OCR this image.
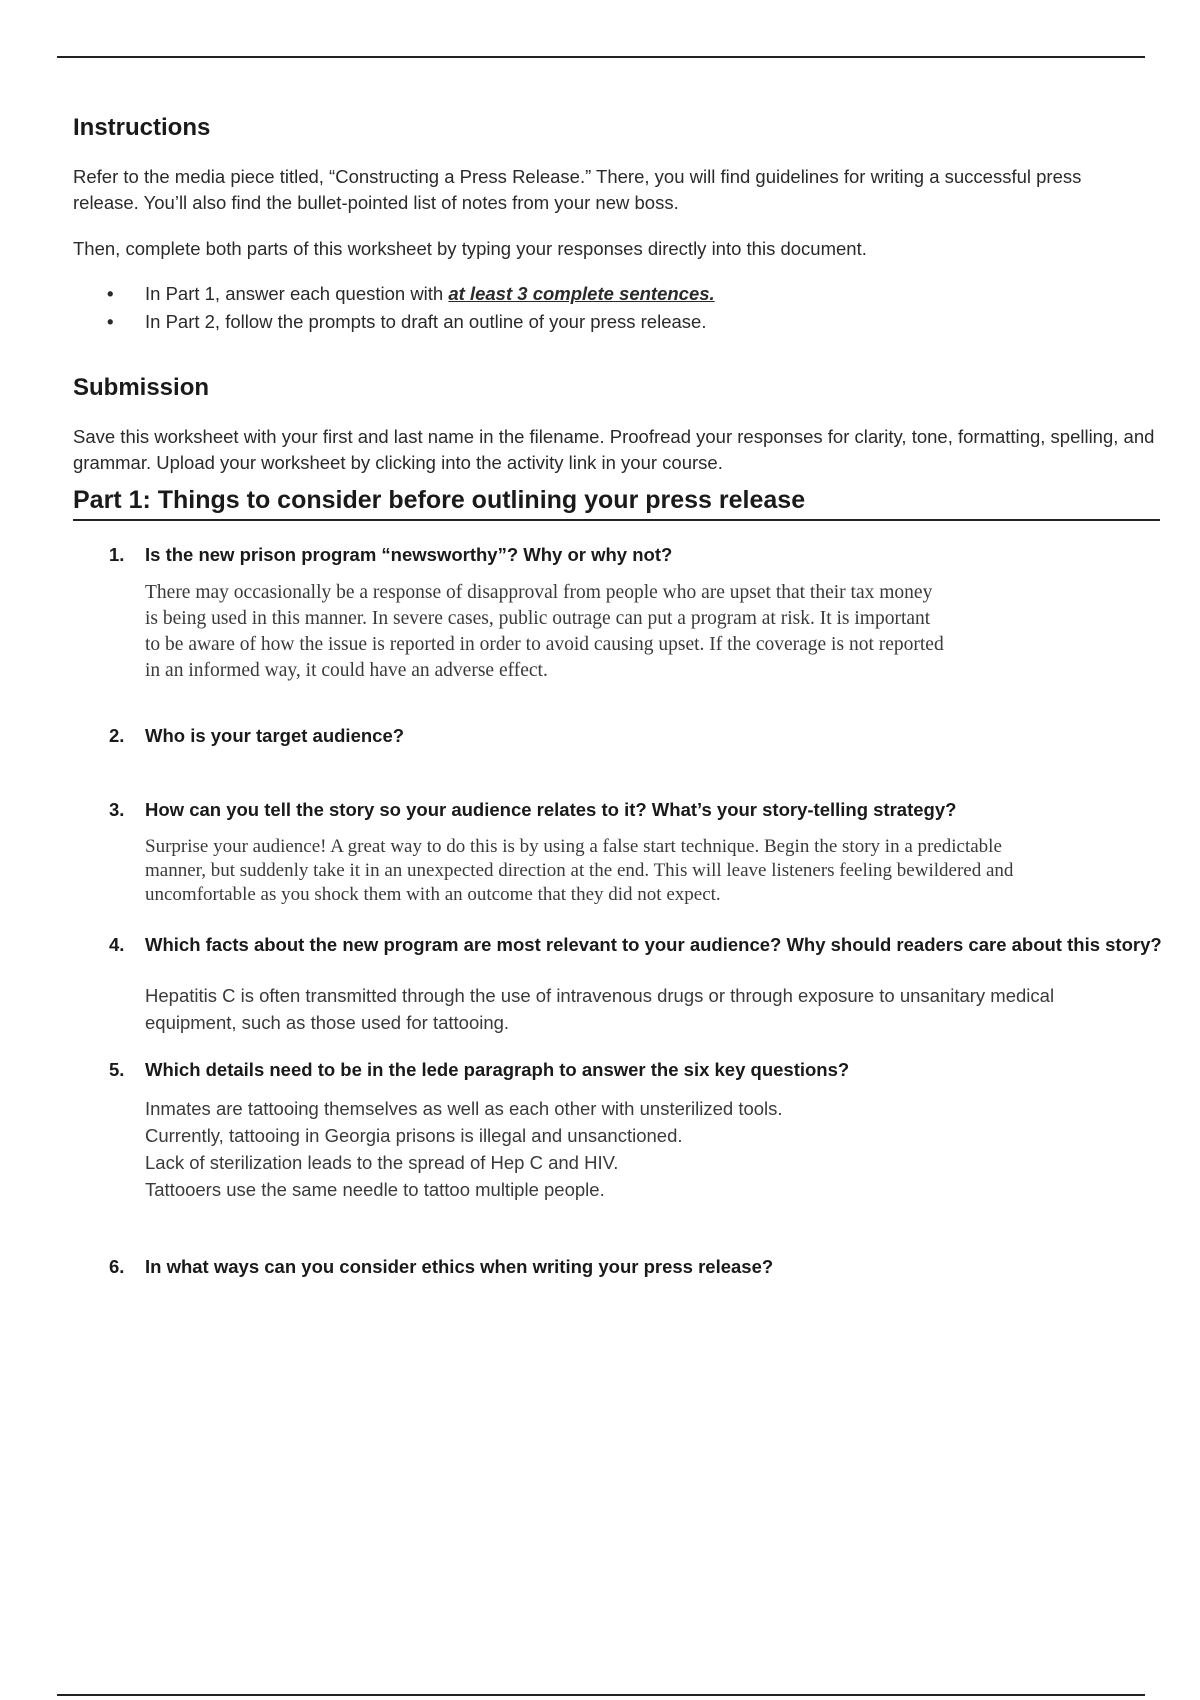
Instructions

Refer to the media piece titled, “Constructing a Press Release.” There, you will find guidelines for writing a successful press release. You’ll also find the bullet-pointed list of notes from your new boss.

Then, complete both parts of this worksheet by typing your responses directly into this document.

• In Part 1, answer each question with at least 3 complete sentences.
• In Part 2, follow the prompts to draft an outline of your press release.
Submission

Save this worksheet with your first and last name in the filename. Proofread your responses for clarity, tone, formatting, spelling, and grammar. Upload your worksheet by clicking into the activity link in your course.

Part 1: Things to consider before outlining your press release
1. Is the new prison program “newsworthy”? Why or why not?
There may occasionally be a response of disapproval from people who are upset that their tax money
is being used in this manner. In severe cases, public outrage can put a program at risk. It is important
to be aware of how the issue is reported in order to avoid causing upset. If the coverage is not reported
in an informed way, it could have an adverse effect.
2. Who is your target audience?
3. How can you tell the story so your audience relates to it? What’s your story-telling strategy?
Surprise your audience! A great way to do this is by using a false start technique. Begin the story in a predictable
manner, but suddenly take it in an unexpected direction at the end. This will leave listeners feeling bewildered and
uncomfortable as you shock them with an outcome that they did not expect.
4. Which facts about the new program are most relevant to your audience? Why should readers care about this story?
Hepatitis C is often transmitted through the use of intravenous drugs or through exposure to unsanitary medical
equipment, such as those used for tattooing.
5. Which details need to be in the lede paragraph to answer the six key questions?
Inmates are tattooing themselves as well as each other with unsterilized tools.
Currently, tattooing in Georgia prisons is illegal and unsanctioned.
Lack of sterilization leads to the spread of Hep C and HIV.
Tattooers use the same needle to tattoo multiple people.
6. In what ways can you consider ethics when writing your press release?
